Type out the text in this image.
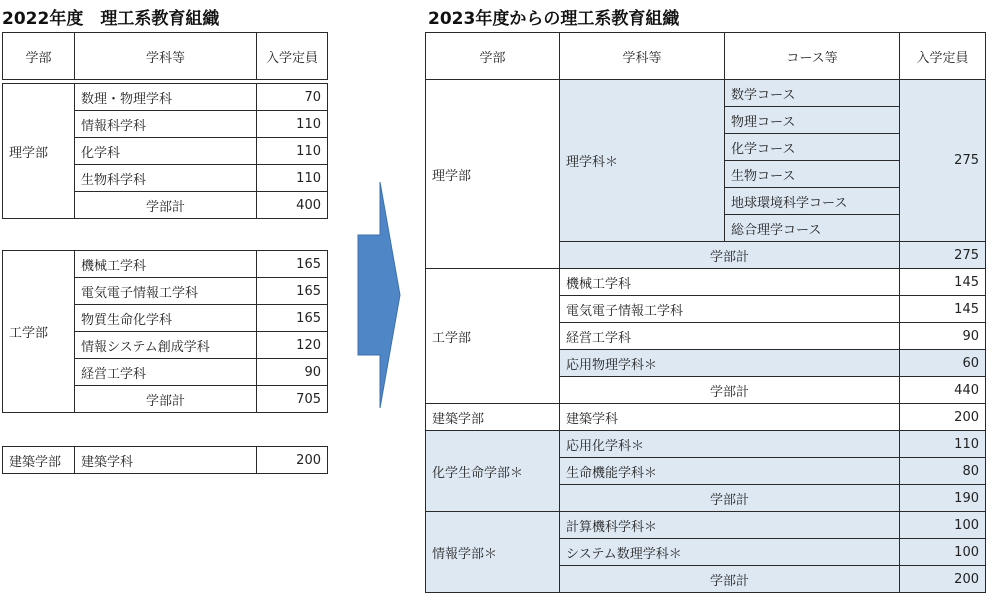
2022年度　理工系教育組織	2023年度からの理工系教育組織
学部	学科等	入学定員
理学部	数理・物理学科	70
	情報科学科	110
	化学科	110
	生物科学科	110
	学部計	400
工学部	機械工学科	165
	電気電子情報工学科	165
	物質生命化学科	165
	情報システム創成学科	120
	経営工学科	90
	学部計	705
建築学部	建築学科	200
学部	学科等	コース等	入学定員
理学部	理学科＊	数学コース	275
		物理コース	
		化学コース	
		生物コース	
		地球環境科学コース	
		総合理学コース	
	学部計		275
工学部	機械工学科		145
	電気電子情報工学科		145
	経営工学科		90
	応用物理学科＊		60
	学部計		440
建築学部	建築学科		200
化学生命学部＊	応用化学科＊		110
	生命機能学科＊		80
	学部計		190
情報学部＊	計算機科学科＊		100
	システム数理学科＊		100
	学部計		200
